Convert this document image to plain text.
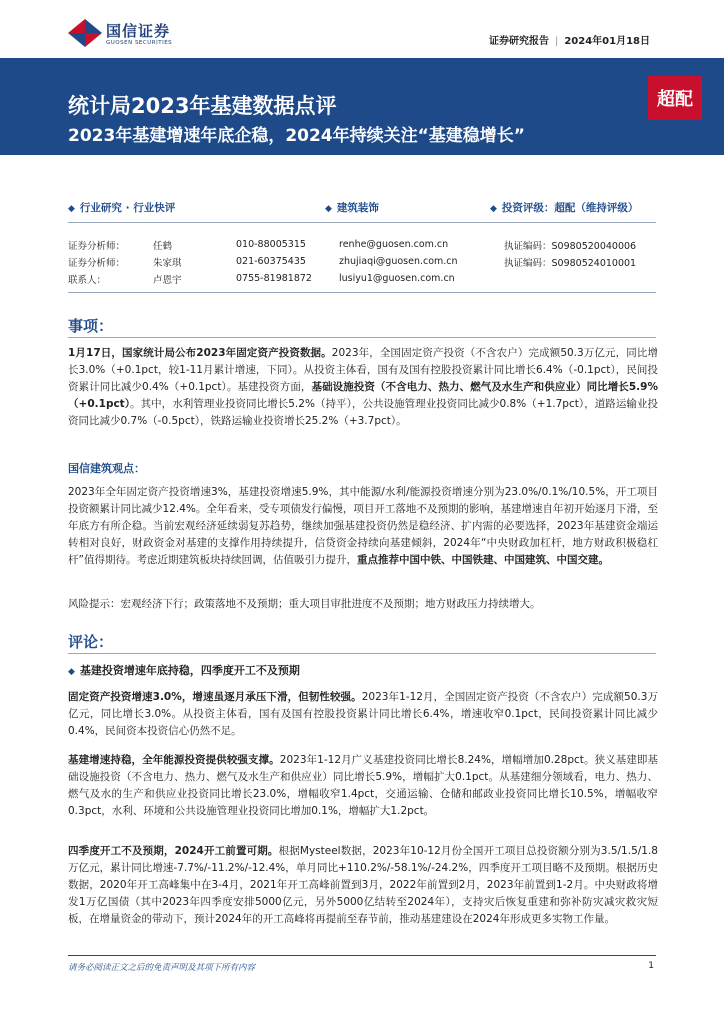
国信证券
GUOSEN SECURITIES	证券研究报告 | 2024年01月18日
统计局2023年基建数据点评
2023年基建增速年底企稳，2024年持续关注“基建稳增长”
超配
◆ 行业研究 · 行业快评	◆ 建筑装饰	◆ 投资评级：超配（维持评级）
证券分析师：	任鹤	010-88005315	renhe@guosen.com.cn	执证编码：S0980520040006
证券分析师：	朱家琪	021-60375435	zhujiaqi@guosen.com.cn	执证编码：S0980524010001
联系人：	卢恩宇	0755-81981872	lusiyu1@guosen.com.cn
事项：
1月17日，国家统计局公布2023年固定资产投资数据。2023年，全国固定资产投资（不含农户）完成额50.3万亿元，同比增长3.0%（+0.1pct，较1-11月累计增速，下同）。从投资主体看，国有及国有控股投资累计同比增长6.4%（-0.1pct），民间投资累计同比减少0.4%（+0.1pct）。基建投资方面，基础设施投资（不含电力、热力、燃气及水生产和供应业）同比增长5.9%（+0.1pct）。其中，水利管理业投资同比增长5.2%（持平），公共设施管理业投资同比减少0.8%（+1.7pct），道路运输业投资同比减少0.7%（-0.5pct），铁路运输业投资增长25.2%（+3.7pct）。
国信建筑观点：
2023年全年固定资产投资增速3%，基建投资增速5.9%，其中能源/水利/能源投资增速分别为23.0%/0.1%/10.5%，开工项目投资额累计同比减少12.4%。全年看来，受专项债发行偏慢，项目开工落地不及预期的影响，基建增速自年初开始逐月下滑，至年底方有所企稳。当前宏观经济延续弱复苏趋势，继续加强基建投资仍然是稳经济、扩内需的必要选择，2023年基建资金端运转相对良好，财政资金对基建的支撑作用持续提升，信贷资金持续向基建倾斜，2024年“中央财政加杠杆，地方财政积极稳杠杆”值得期待。考虑近期建筑板块持续回调，估值吸引力提升，重点推荐中国中铁、中国铁建、中国建筑、中国交建。
风险提示：宏观经济下行；政策落地不及预期；重大项目审批进度不及预期；地方财政压力持续增大。
评论：
◆ 基建投资增速年底持稳，四季度开工不及预期
固定资产投资增速3.0%，增速虽逐月承压下滑，但韧性较强。2023年1-12月，全国固定资产投资（不含农户）完成额50.3万亿元，同比增长3.0%。从投资主体看，国有及国有控股投资累计同比增长6.4%，增速收窄0.1pct，民间投资累计同比减少0.4%，民间资本投资信心仍然不足。
基建增速持稳，全年能源投资提供较强支撑。2023年1-12月广义基建投资同比增长8.24%，增幅增加0.28pct。狭义基建即基础设施投资（不含电力、热力、燃气及水生产和供应业）同比增长5.9%，增幅扩大0.1pct。从基建细分领域看，电力、热力、燃气及水的生产和供应业投资同比增长23.0%，增幅收窄1.4pct，交通运输、仓储和邮政业投资同比增长10.5%，增幅收窄0.3pct，水利、环境和公共设施管理业投资同比增加0.1%，增幅扩大1.2pct。
四季度开工不及预期，2024开工前置可期。根据Mysteel数据，2023年10-12月份全国开工项目总投资额分别为3.5/1.5/1.8万亿元，累计同比增速-7.7%/-11.2%/-12.4%，单月同比+110.2%/-58.1%/-24.2%，四季度开工项目略不及预期。根据历史数据，2020年开工高峰集中在3-4月，2021年开工高峰前置到3月，2022年前置到2月，2023年前置到1-2月。中央财政将增发1万亿国债（其中2023年四季度安排5000亿元，另外5000亿结转至2024年），支持灾后恢复重建和弥补防灾减灾救灾短板，在增量资金的带动下，预计2024年的开工高峰将再提前至春节前，推动基建建设在2024年形成更多实物工作量。
请务必阅读正文之后的免责声明及其项下所有内容	1
